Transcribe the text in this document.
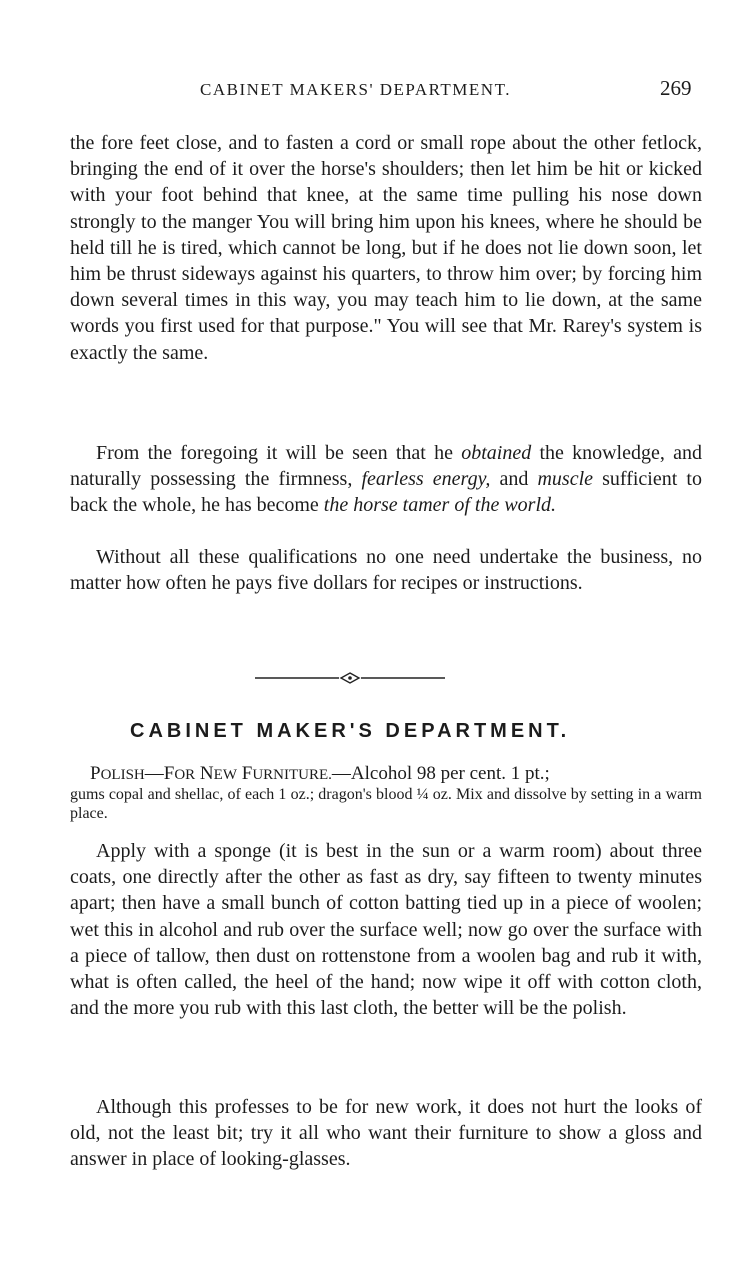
CABINET MAKERS' DEPARTMENT.	269

the fore feet close, and to fasten a cord or small rope about the other fetlock, bringing the end of it over the horse's shoulders; then let him be hit or kicked with your foot behind that knee, at the same time pulling his nose down strongly to the manger You will bring him upon his knees, where he should be held till he is tired, which cannot be long, but if he does not lie down soon, let him be thrust sideways against his quarters, to throw him over; by forcing him down several times in this way, you may teach him to lie down, at the same words you first used for that purpose." You will see that Mr. Rarey's system is exactly the same.

From the foregoing it will be seen that he obtained the knowledge, and naturally possessing the firmness, fearless energy, and muscle sufficient to back the whole, he has become the horse tamer of the world.

Without all these qualifications no one need undertake the business, no matter how often he pays five dollars for recipes or instructions.

CABINET MAKER'S DEPARTMENT.

POLISH—FOR NEW FURNITURE.—Alcohol 98 per cent. 1 pt.;

gums copal and shellac, of each 1 oz.; dragon's blood ¼ oz. Mix and dissolve by setting in a warm place.

Apply with a sponge (it is best in the sun or a warm room) about three coats, one directly after the other as fast as dry, say fifteen to twenty minutes apart; then have a small bunch of cotton batting tied up in a piece of woolen; wet this in alcohol and rub over the surface well; now go over the surface with a piece of tallow, then dust on rottenstone from a woolen bag and rub it with, what is often called, the heel of the hand; now wipe it off with cotton cloth, and the more you rub with this last cloth, the better will be the polish.

Although this professes to be for new work, it does not hurt the looks of old, not the least bit; try it all who want their furniture to show a gloss and answer in place of looking-glasses.
